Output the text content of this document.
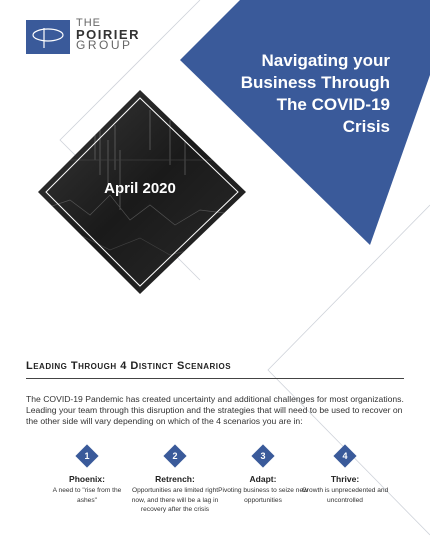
Navigating your
Business Through
The COVID-19
Crisis
April 2020
THE
POIRIER
GROUP
Leading Through 4 Distinct Scenarios
The COVID-19 Pandemic has created uncertainty and additional challenges for most organizations. Leading your team through this disruption and the strategies that will need to be used to recover on the other side will vary depending on which of the 4 scenarios you are in:
1
Phoenix:
A need to "rise from the ashes"
2
Retrench:
Opportunities are limited right now, and there will be a lag in recovery after the crisis
3
Adapt:
Pivoting business to seize new opportunities
4
Thrive:
Growth is unprecedented and uncontrolled
